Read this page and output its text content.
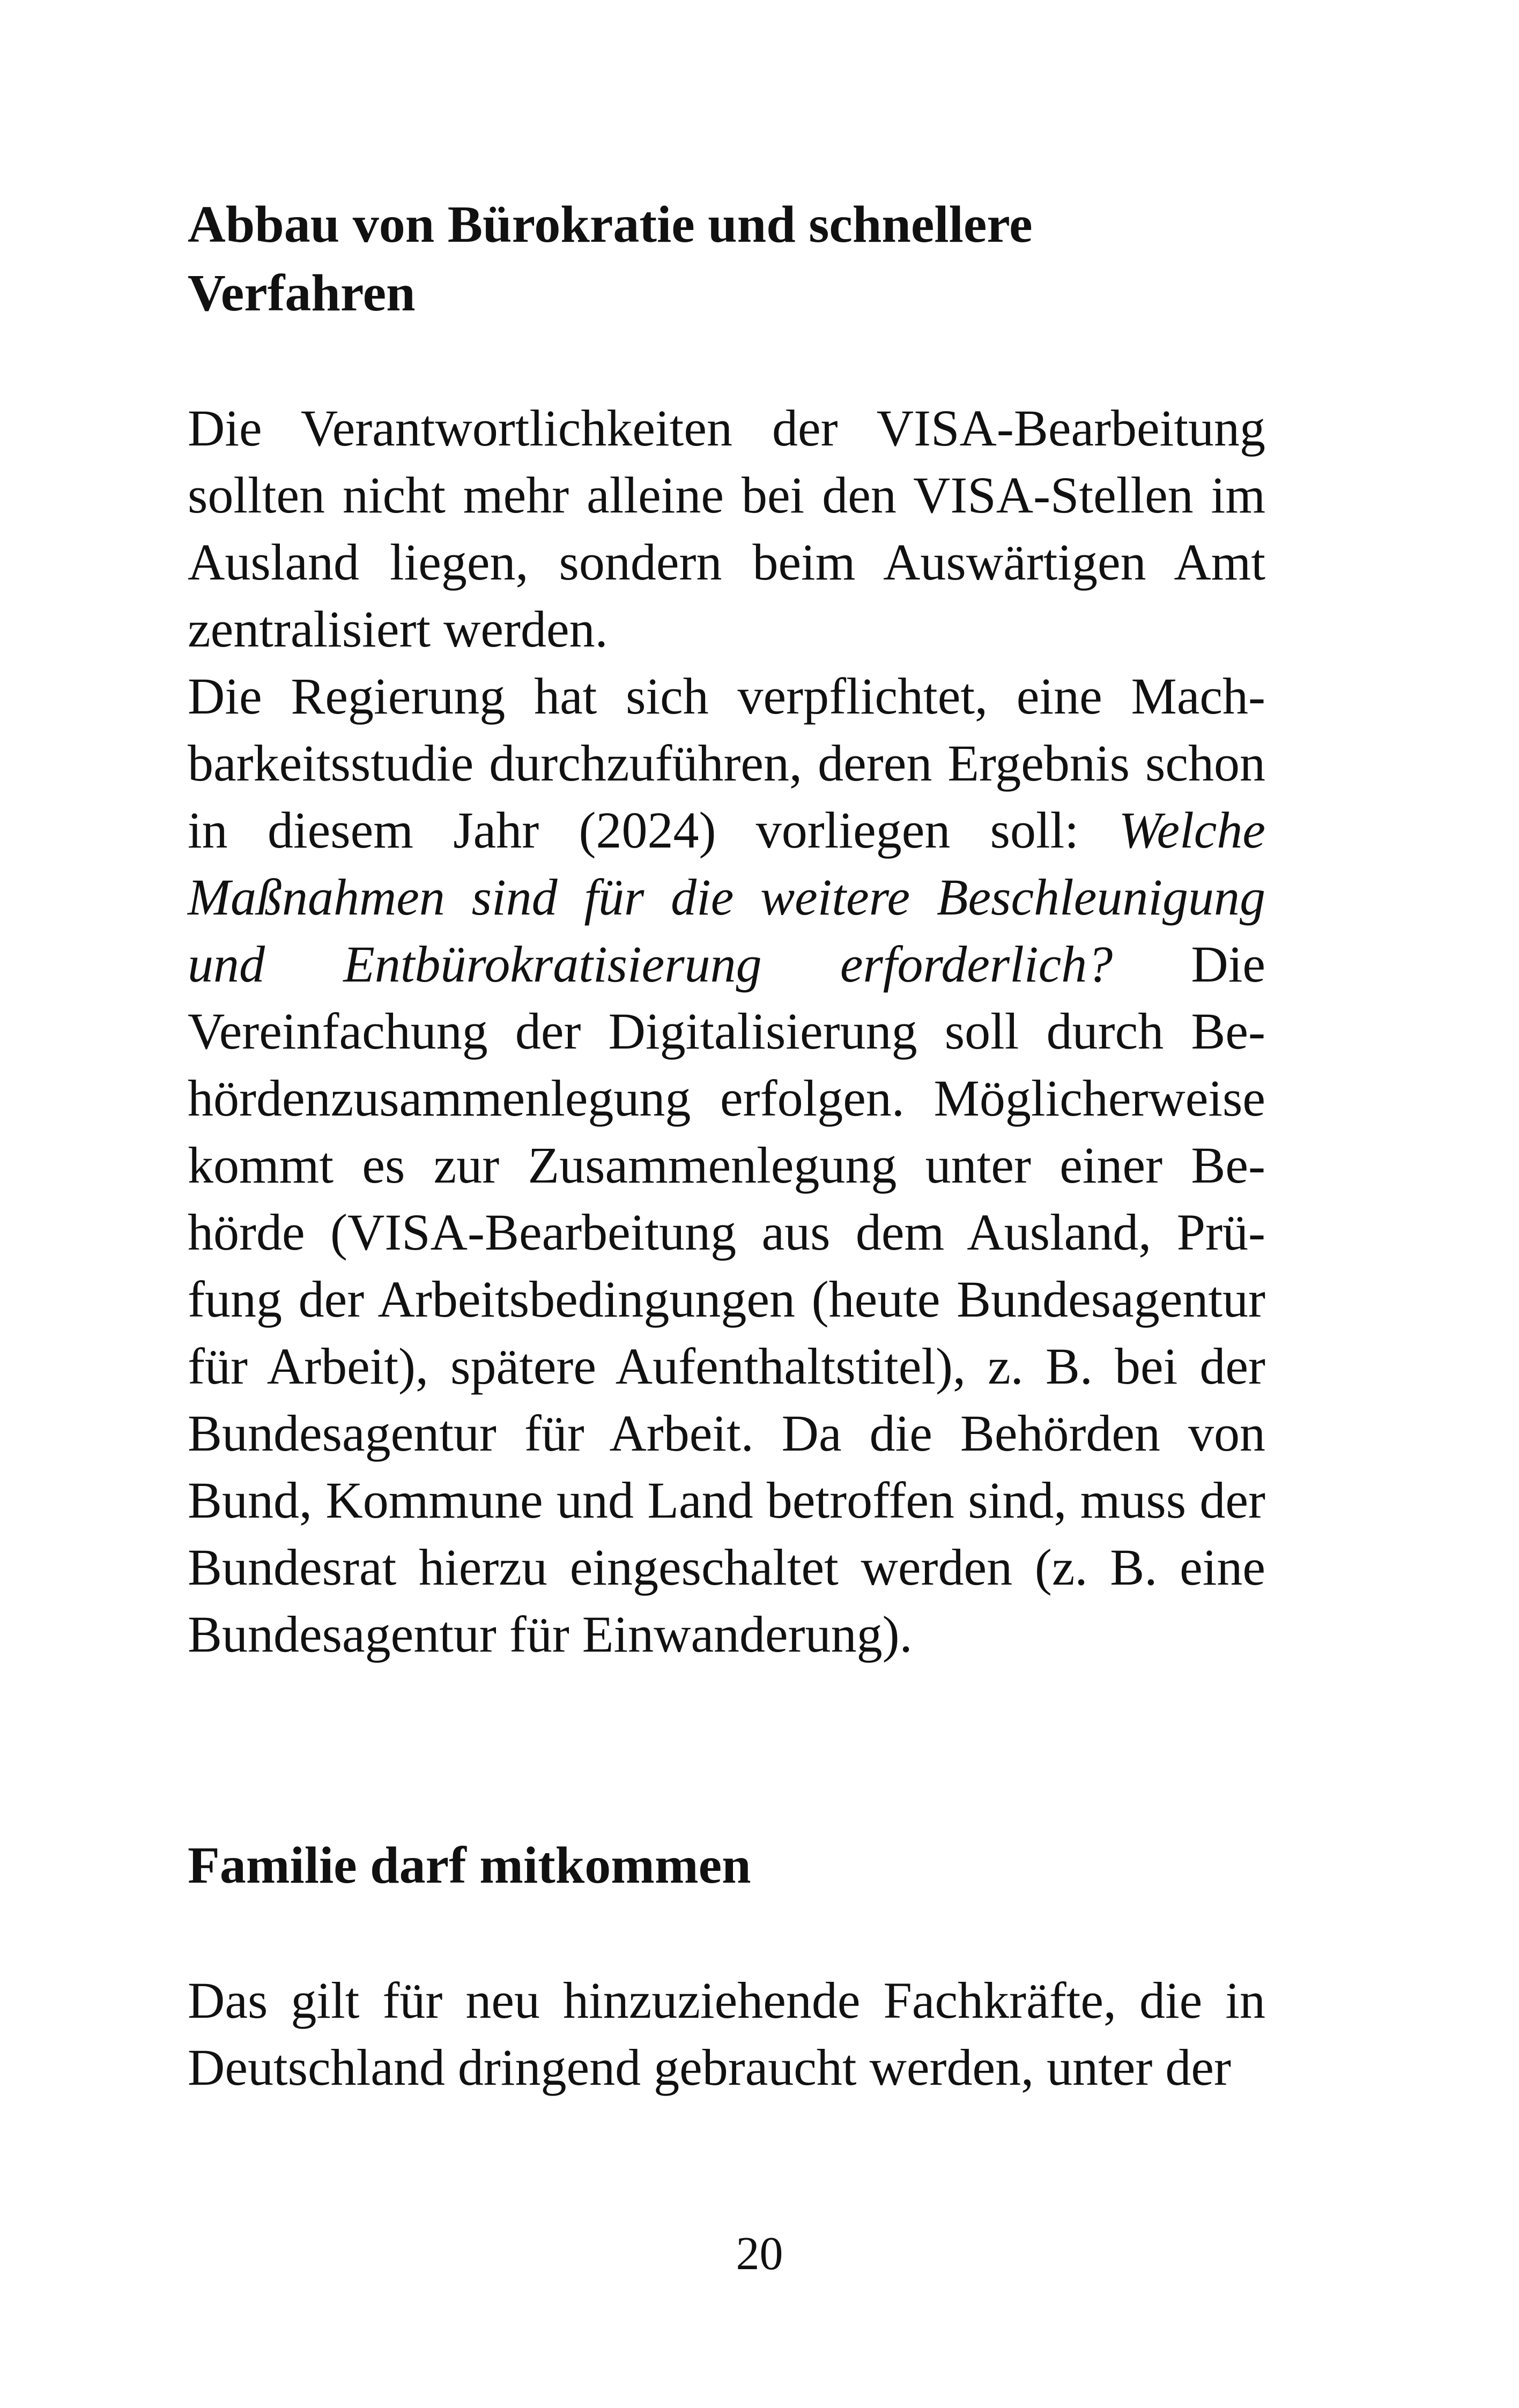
Abbau von Bürokratie und schnellere Verfahren

Die Verantwortlichkeiten der VISA-Bearbeitung sollten nicht mehr alleine bei den VISA-Stellen im Ausland liegen, sondern beim Auswärtigen Amt zentralisiert werden.

Die Regierung hat sich verpflichtet, eine Machbarkeitsstudie durchzuführen, deren Ergebnis schon in diesem Jahr (2024) vorliegen soll: Welche Maßnahmen sind für die weitere Beschleunigung und Entbürokratisierung erforderlich? Die Vereinfachung der Digitalisierung soll durch Behördenzusammenlegung erfolgen. Möglicherweise kommt es zur Zusammenlegung unter einer Behörde (VISA-Bearbeitung aus dem Ausland, Prüfung der Arbeitsbedingungen (heute Bundesagentur für Arbeit), spätere Aufenthaltstitel), z. B. bei der Bundesagentur für Arbeit. Da die Behörden von Bund, Kommune und Land betroffen sind, muss der Bundesrat hierzu eingeschaltet werden (z. B. eine Bundesagentur für Einwanderung).

Familie darf mitkommen

Das gilt für neu hinzuziehende Fachkräfte, die in Deutschland dringend gebraucht werden, unter der

20
